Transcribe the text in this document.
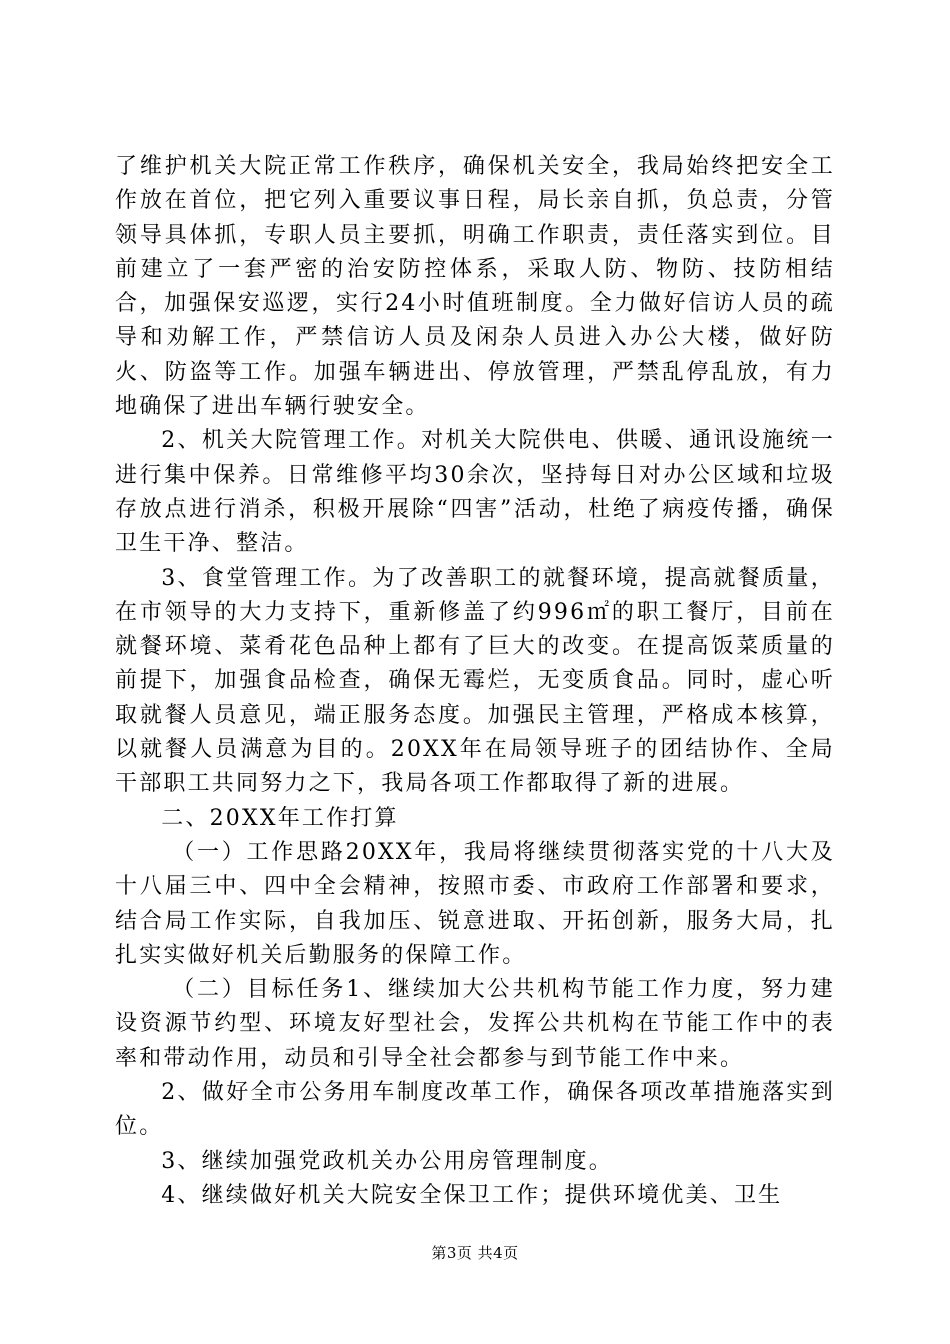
了维护机关大院正常工作秩序，确保机关安全，我局始终把安全工作放在首位，把它列入重要议事日程，局长亲自抓，负总责，分管领导具体抓，专职人员主要抓，明确工作职责，责任落实到位。目前建立了一套严密的治安防控体系，采取人防、物防、技防相结合，加强保安巡逻，实行24小时值班制度。全力做好信访人员的疏导和劝解工作，严禁信访人员及闲杂人员进入办公大楼，做好防火、防盗等工作。加强车辆进出、停放管理，严禁乱停乱放，有力地确保了进出车辆行驶安全。

2、机关大院管理工作。对机关大院供电、供暖、通讯设施统一进行集中保养。日常维修平均30余次，坚持每日对办公区域和垃圾存放点进行消杀，积极开展除“四害”活动，杜绝了病疫传播，确保卫生干净、整洁。

3、食堂管理工作。为了改善职工的就餐环境，提高就餐质量，在市领导的大力支持下，重新修盖了约996㎡的职工餐厅，目前在就餐环境、菜肴花色品种上都有了巨大的改变。在提高饭菜质量的前提下，加强食品检查，确保无霉烂，无变质食品。同时，虚心听取就餐人员意见，端正服务态度。加强民主管理，严格成本核算，以就餐人员满意为目的。20XX年在局领导班子的团结协作、全局干部职工共同努力之下，我局各项工作都取得了新的进展。

二、20XX年工作打算

（一）工作思路20XX年，我局将继续贯彻落实党的十八大及十八届三中、四中全会精神，按照市委、市政府工作部署和要求，结合局工作实际，自我加压、锐意进取、开拓创新，服务大局，扎扎实实做好机关后勤服务的保障工作。

（二）目标任务1、继续加大公共机构节能工作力度，努力建设资源节约型、环境友好型社会，发挥公共机构在节能工作中的表率和带动作用，动员和引导全社会都参与到节能工作中来。

2、做好全市公务用车制度改革工作，确保各项改革措施落实到位。

3、继续加强党政机关办公用房管理制度。

4、继续做好机关大院安全保卫工作；提供环境优美、卫生

第3页 共4页
